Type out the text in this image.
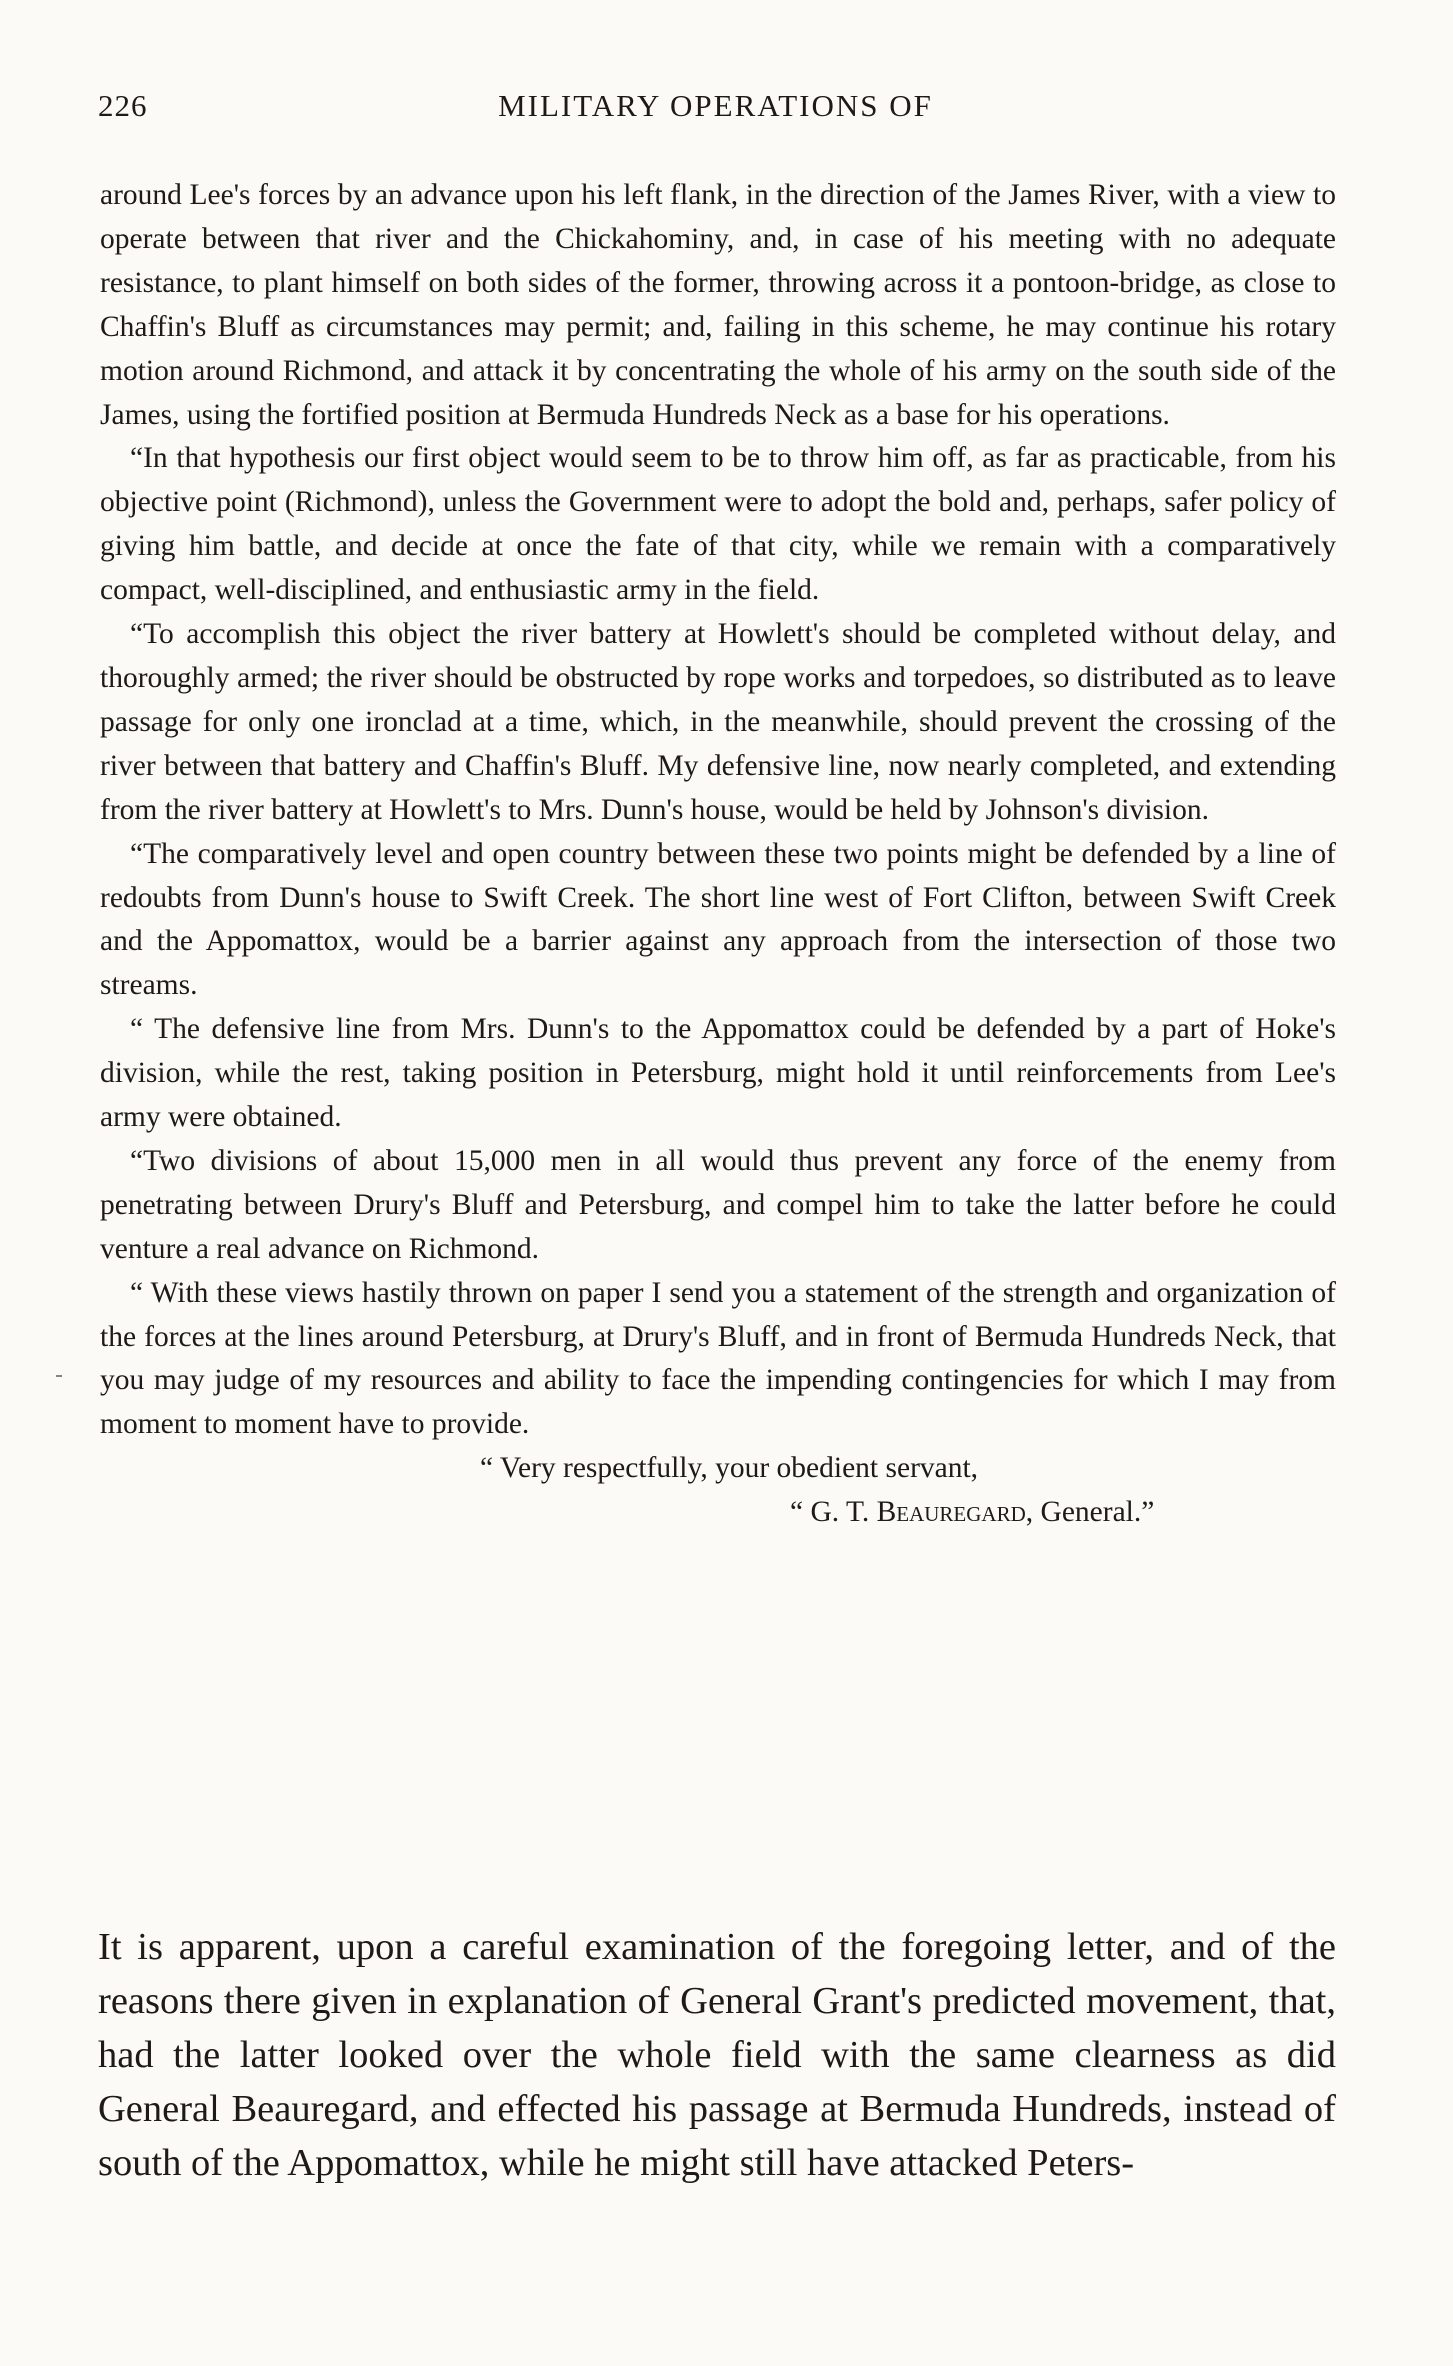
226	MILITARY OPERATIONS OF

around Lee's forces by an advance upon his left flank, in the direction of the James River, with a view to operate between that river and the Chickahominy, and, in case of his meeting with no adequate resistance, to plant himself on both sides of the former, throwing across it a pontoon-bridge, as close to Chaffin's Bluff as circumstances may permit; and, failing in this scheme, he may continue his rotary motion around Richmond, and attack it by concentrating the whole of his army on the south side of the James, using the fortified position at Bermuda Hundreds Neck as a base for his operations.

“In that hypothesis our first object would seem to be to throw him off, as far as practicable, from his objective point (Richmond), unless the Government were to adopt the bold and, perhaps, safer policy of giving him battle, and decide at once the fate of that city, while we remain with a comparatively compact, well-disciplined, and enthusiastic army in the field.

“To accomplish this object the river battery at Howlett's should be completed without delay, and thoroughly armed; the river should be obstructed by rope works and torpedoes, so distributed as to leave passage for only one ironclad at a time, which, in the meanwhile, should prevent the crossing of the river between that battery and Chaffin's Bluff. My defensive line, now nearly completed, and extending from the river battery at Howlett's to Mrs. Dunn's house, would be held by Johnson's division.

“The comparatively level and open country between these two points might be defended by a line of redoubts from Dunn's house to Swift Creek. The short line west of Fort Clifton, between Swift Creek and the Appomattox, would be a barrier against any approach from the intersection of those two streams.

“ The defensive line from Mrs. Dunn's to the Appomattox could be defended by a part of Hoke's division, while the rest, taking position in Petersburg, might hold it until reinforcements from Lee's army were obtained.

“Two divisions of about 15,000 men in all would thus prevent any force of the enemy from penetrating between Drury's Bluff and Petersburg, and compel him to take the latter before he could venture a real advance on Richmond.

“ With these views hastily thrown on paper I send you a statement of the strength and organization of the forces at the lines around Petersburg, at Drury's Bluff, and in front of Bermuda Hundreds Neck, that you may judge of my resources and ability to face the impending contingencies for which I may from moment to moment have to provide.

“ Very respectfully, your obedient servant,

“ G. T. Beauregard, General.”

It is apparent, upon a careful examination of the foregoing letter, and of the reasons there given in explanation of General Grant's predicted movement, that, had the latter looked over the whole field with the same clearness as did General Beauregard, and effected his passage at Bermuda Hundreds, instead of south of the Appomattox, while he might still have attacked Peters-
